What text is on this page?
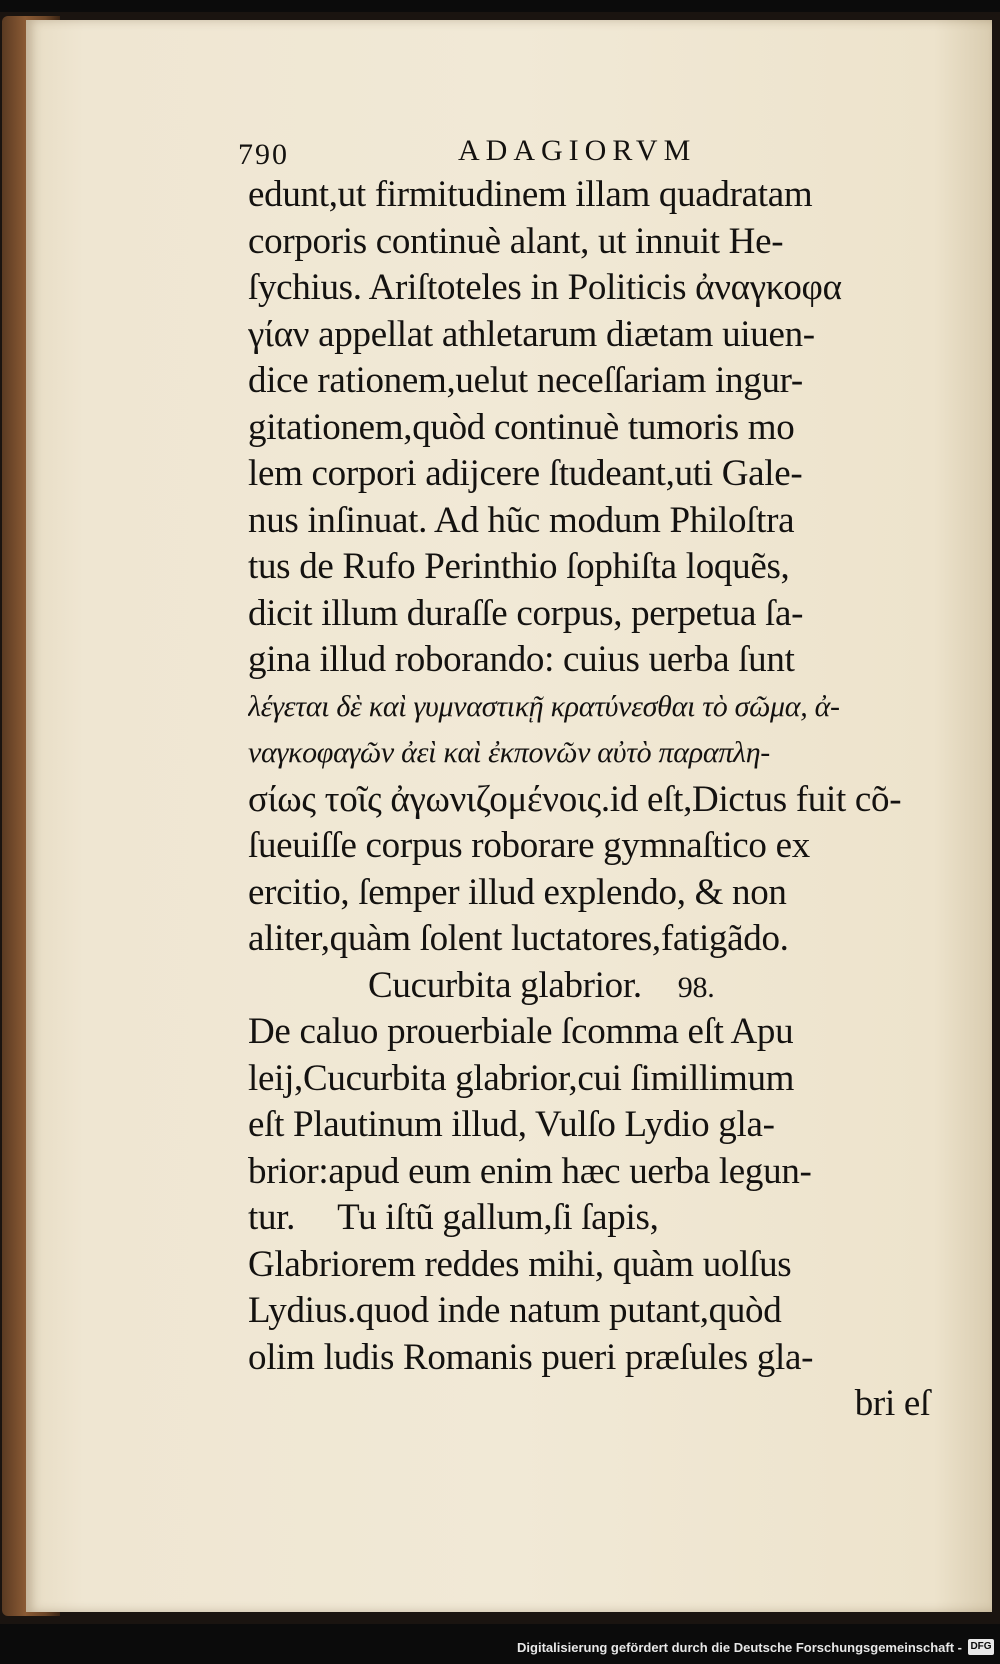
790	ADAGIORVM
edunt,ut firmitudinem illam quadratam
corporis continuè alant, ut innuit He-
ſychius. Ariſtoteles in Politicis ἀναγκοφα
γίαν appellat athletarum diætam uiuen-
dice rationem,uelut neceſſariam ingur-
gitationem,quòd continuè tumoris mo
lem corpori adijcere ſtudeant,uti Gale-
nus inſinuat. Ad hũc modum Philoſtra
tus de Rufo Perinthio ſophiſta loquẽs,
dicit illum duraſſe corpus, perpetua ſa-
gina illud roborando: cuius uerba ſunt
λέγεται δὲ καὶ γυμναστικῇ κρατύνεσθαι τὸ σῶμα, ἀ-
ναγκοφαγῶν ἀεὶ καὶ ἐκπονῶν αὐτὸ παραπλη-
σίως τοῖς ἀγωνιζομένοις.id eſt,Dictus fuit cõ-
ſueuiſſe corpus roborare gymnaſtico ex
ercitio, ſemper illud explendo, & non
aliter,quàm ſolent luctatores,fatigãdo.
Cucurbita glabrior. 98.
De caluo prouerbiale ſcomma eſt Apu
leij,Cucurbita glabrior,cui ſimillimum
eſt Plautinum illud, Vulſo Lydio gla-
brior:apud eum enim hæc uerba legun-
tur. Tu iſtũ gallum,ſi ſapis,
Glabriorem reddes mihi, quàm uolſus
Lydius.quod inde natum putant,quòd
olim ludis Romanis pueri præſules gla-
bri eſ
Digitalisierung gefördert durch die Deutsche Forschungsgemeinschaft - DFG
